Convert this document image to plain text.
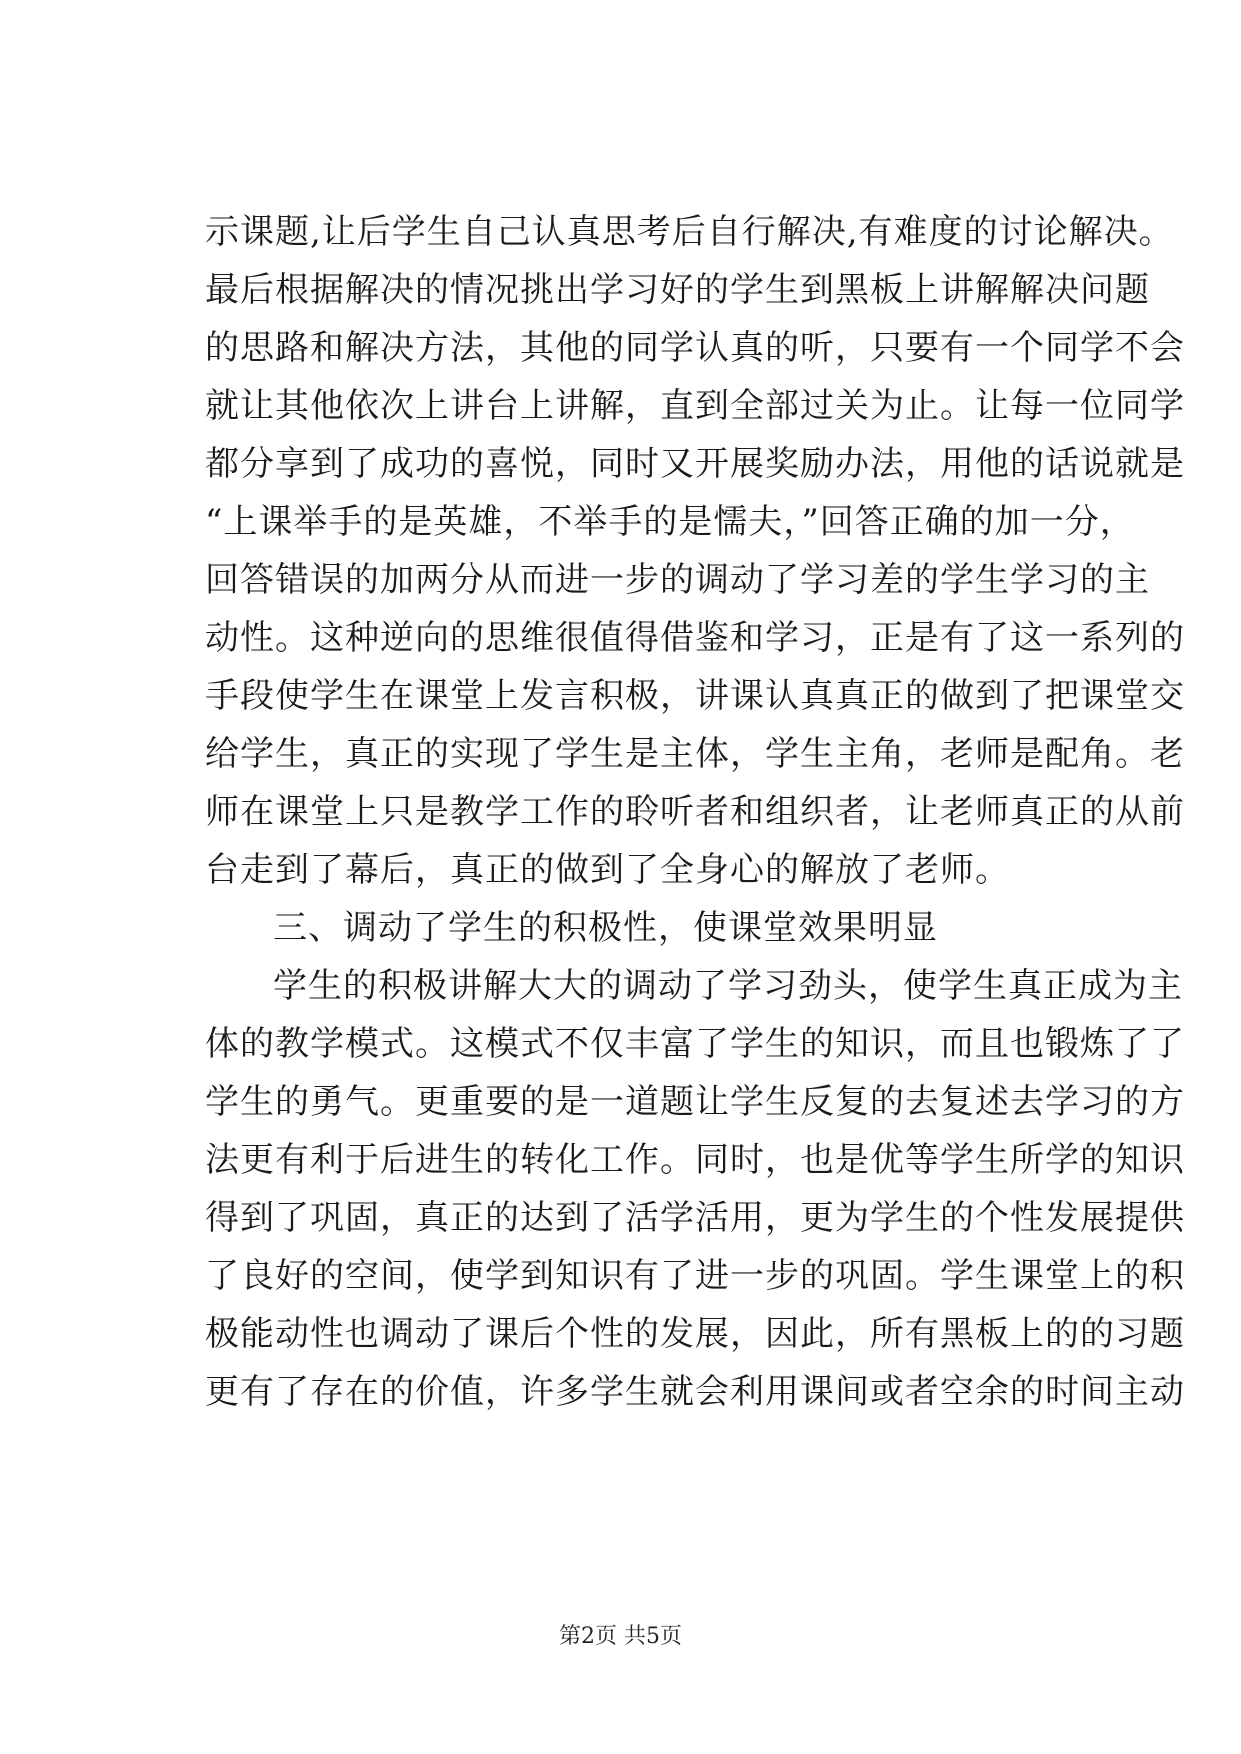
示课题,让后学生自己认真思考后自行解决,有难度的讨论解决。
最后根据解决的情况挑出学习好的学生到黑板上讲解解决问题
的思路和解决方法，其他的同学认真的听，只要有一个同学不会
就让其他依次上讲台上讲解，直到全部过关为止。让每一位同学
都分享到了成功的喜悦，同时又开展奖励办法，用他的话说就是
“上课举手的是英雄，不举手的是懦夫，”回答正确的加一分，
回答错误的加两分从而进一步的调动了学习差的学生学习的主
动性。这种逆向的思维很值得借鉴和学习，正是有了这一系列的
手段使学生在课堂上发言积极，讲课认真真正的做到了把课堂交
给学生，真正的实现了学生是主体，学生主角，老师是配角。老
师在课堂上只是教学工作的聆听者和组织者，让老师真正的从前
台走到了幕后，真正的做到了全身心的解放了老师。
三、调动了学生的积极性，使课堂效果明显
学生的积极讲解大大的调动了学习劲头，使学生真正成为主
体的教学模式。这模式不仅丰富了学生的知识，而且也锻炼了了
学生的勇气。更重要的是一道题让学生反复的去复述去学习的方
法更有利于后进生的转化工作。同时，也是优等学生所学的知识
得到了巩固，真正的达到了活学活用，更为学生的个性发展提供
了良好的空间，使学到知识有了进一步的巩固。学生课堂上的积
极能动性也调动了课后个性的发展，因此，所有黑板上的的习题
更有了存在的价值，许多学生就会利用课间或者空余的时间主动
第2页 共5页
